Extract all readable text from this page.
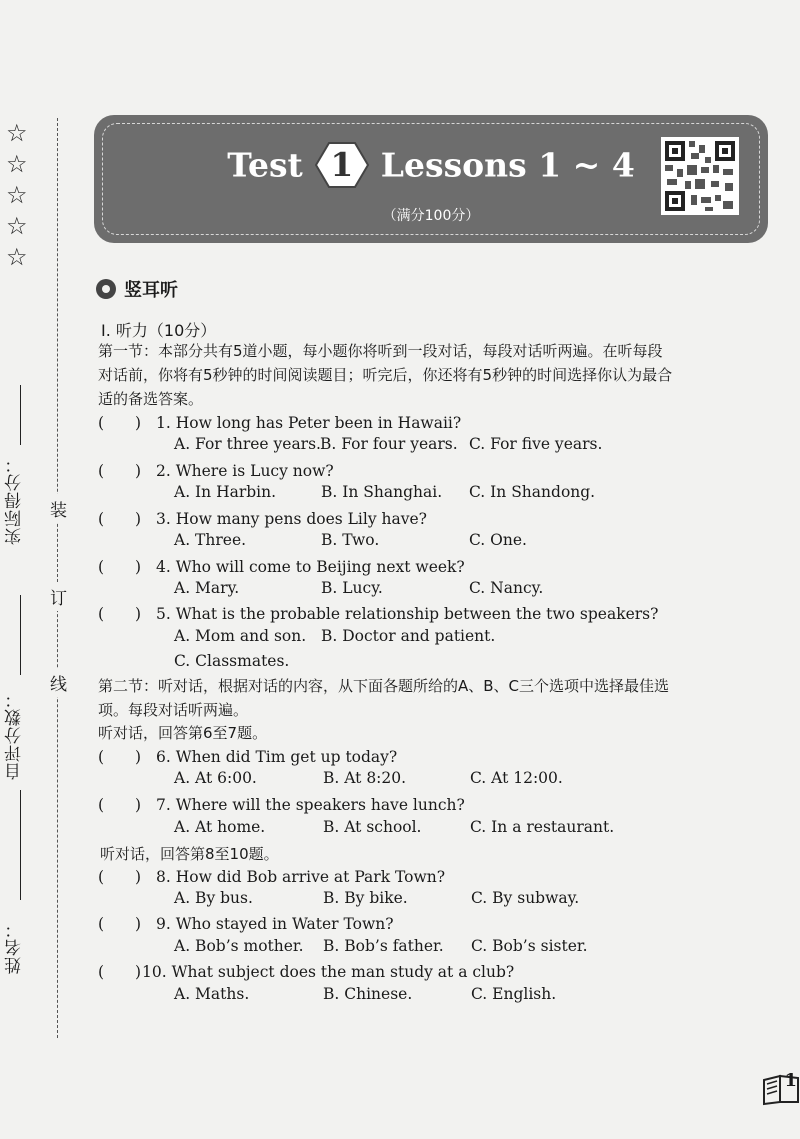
☆
☆
☆
☆
☆
装
订
线
实际得分：
自评分数：
姓名：
Test 1 Lessons 1 ~ 4
（满分100分）
竖耳听
Ⅰ. 听力（10分）
第一节：本部分共有5道小题，每小题你将听到一段对话，每段对话听两遍。在听每段
对话前，你将有5秒钟的时间阅读题目；听完后，你还将有5秒钟的时间选择你认为最合
适的备选答案。
(　　) 1. How long has Peter been in Hawaii?
A. For three years. B. For four years. C. For five years.
(　　) 2. Where is Lucy now?
A. In Harbin.	B. In Shanghai. C. In Shandong.
(　　) 3. How many pens does Lily have?
A. Three.	B. Two.	C. One.
(　　) 4. Who will come to Beijing next week?
A. Mary.	B. Lucy.	C. Nancy.
(　　) 5. What is the probable relationship between the two speakers?
A. Mom and son. B. Doctor and patient.
C. Classmates.
第二节：听对话，根据对话的内容，从下面各题所给的A、B、C三个选项中选择最佳选
项。每段对话听两遍。
听对话，回答第6至7题。
(　　) 6. When did Tim get up today?
A. At 6:00.	B. At 8:20.	C. At 12:00.
(　　) 7. Where will the speakers have lunch?
A. At home.	B. At school.	C. In a restaurant.
听对话，回答第8至10题。
(　　) 8. How did Bob arrive at Park Town?
A. By bus.	B. By bike.	C. By subway.
(　　) 9. Who stayed in Water Town?
A. Bob’s mother. B. Bob’s father. C. Bob’s sister.
(　　)10. What subject does the man study at a club?
A. Maths.	B. Chinese.	C. English.
1
